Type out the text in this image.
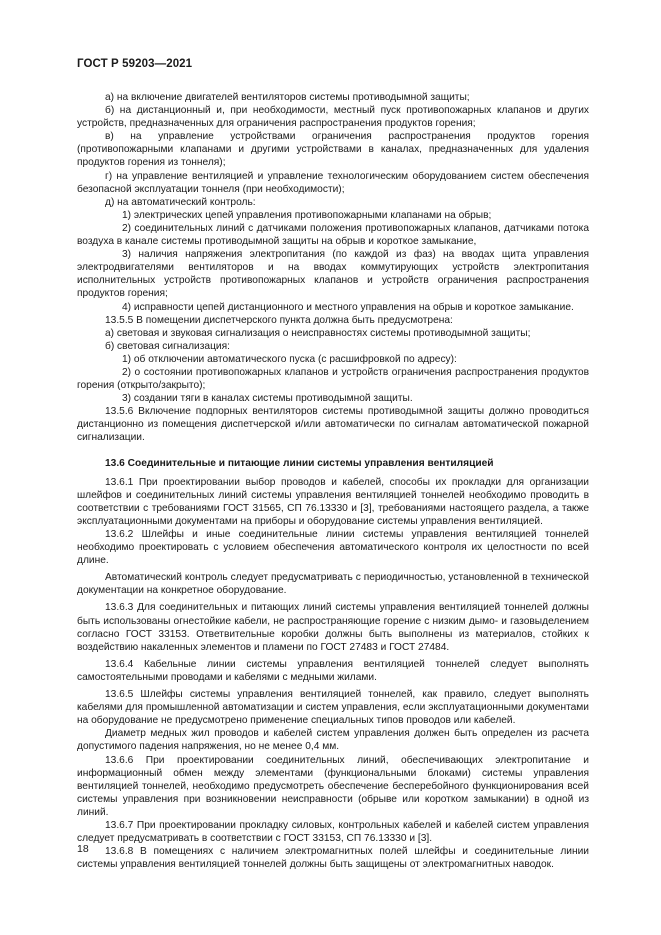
ГОСТ Р 59203—2021

а) на включение двигателей вентиляторов системы противодымной защиты;

б) на дистанционный и, при необходимости, местный пуск противопожарных клапанов и других устройств, предназначенных для ограничения распространения продуктов горения;

в) на управление устройствами ограничения распространения продуктов горения (противопожарными клапанами и другими устройствами в каналах, предназначенных для удаления продуктов горения из тоннеля);

г) на управление вентиляцией и управление технологическим оборудованием систем обеспечения безопасной эксплуатации тоннеля (при необходимости);

д) на автоматический контроль:

1) электрических цепей управления противопожарными клапанами на обрыв;

2) соединительных линий с датчиками положения противопожарных клапанов, датчиками потока воздуха в канале системы противодымной защиты на обрыв и короткое замыкание,

3) наличия напряжения электропитания (по каждой из фаз) на вводах щита управления электродвигателями вентиляторов и на вводах коммутирующих устройств электропитания исполнительных устройств противопожарных клапанов и устройств ограничения распространения продуктов горения;

4) исправности цепей дистанционного и местного управления на обрыв и короткое замыкание.

13.5.5 В помещении диспетчерского пункта должна быть предусмотрена:

а) световая и звуковая сигнализация о неисправностях системы противодымной защиты;

б) световая сигнализация:

1) об отключении автоматического пуска (с расшифровкой по адресу):

2) о состоянии противопожарных клапанов и устройств ограничения распространения продуктов горения (открыто/закрыто);

3) создании тяги в каналах системы противодымной защиты.

13.5.6 Включение подпорных вентиляторов системы противодымной защиты должно проводиться дистанционно из помещения диспетчерской и/или автоматически по сигналам автоматической пожарной сигнализации.

13.6 Соединительные и питающие линии системы управления вентиляцией

13.6.1 При проектировании выбор проводов и кабелей, способы их прокладки для организации шлейфов и соединительных линий системы управления вентиляцией тоннелей необходимо проводить в соответствии с требованиями ГОСТ 31565, СП 76.13330 и [3], требованиями настоящего раздела, а также эксплуатационными документами на приборы и оборудование системы управления вентиляцией.

13.6.2 Шлейфы и иные соединительные линии системы управления вентиляцией тоннелей необходимо проектировать с условием обеспечения автоматического контроля их целостности по всей длине.

Автоматический контроль следует предусматривать с периодичностью, установленной в технической документации на конкретное оборудование.

13.6.3 Для соединительных и питающих линий системы управления вентиляцией тоннелей должны быть использованы огнестойкие кабели, не распространяющие горение с низким дымо- и газовыделением согласно ГОСТ 33153. Ответвительные коробки должны быть выполнены из материалов, стойких к воздействию накаленных элементов и пламени по ГОСТ 27483 и ГОСТ 27484.

13.6.4 Кабельные линии системы управления вентиляцией тоннелей следует выполнять самостоятельными проводами и кабелями с медными жилами.

13.6.5 Шлейфы системы управления вентиляцией тоннелей, как правило, следует выполнять кабелями для промышленной автоматизации и систем управления, если эксплуатационными документами на оборудование не предусмотрено применение специальных типов проводов или кабелей.

Диаметр медных жил проводов и кабелей систем управления должен быть определен из расчета допустимого падения напряжения, но не менее 0,4 мм.

13.6.6 При проектировании соединительных линий, обеспечивающих электропитание и информационный обмен между элементами (функциональными блоками) системы управления вентиляцией тоннелей, необходимо предусмотреть обеспечение бесперебойного функционирования всей системы управления при возникновении неисправности (обрыве или коротком замыкании) в одной из линий.

13.6.7 При проектировании прокладку силовых, контрольных кабелей и кабелей систем управления следует предусматривать в соответствии с ГОСТ 33153, СП 76.13330 и [3].

13.6.8 В помещениях с наличием электромагнитных полей шлейфы и соединительные линии системы управления вентиляцией тоннелей должны быть защищены от электромагнитных наводок.

18
